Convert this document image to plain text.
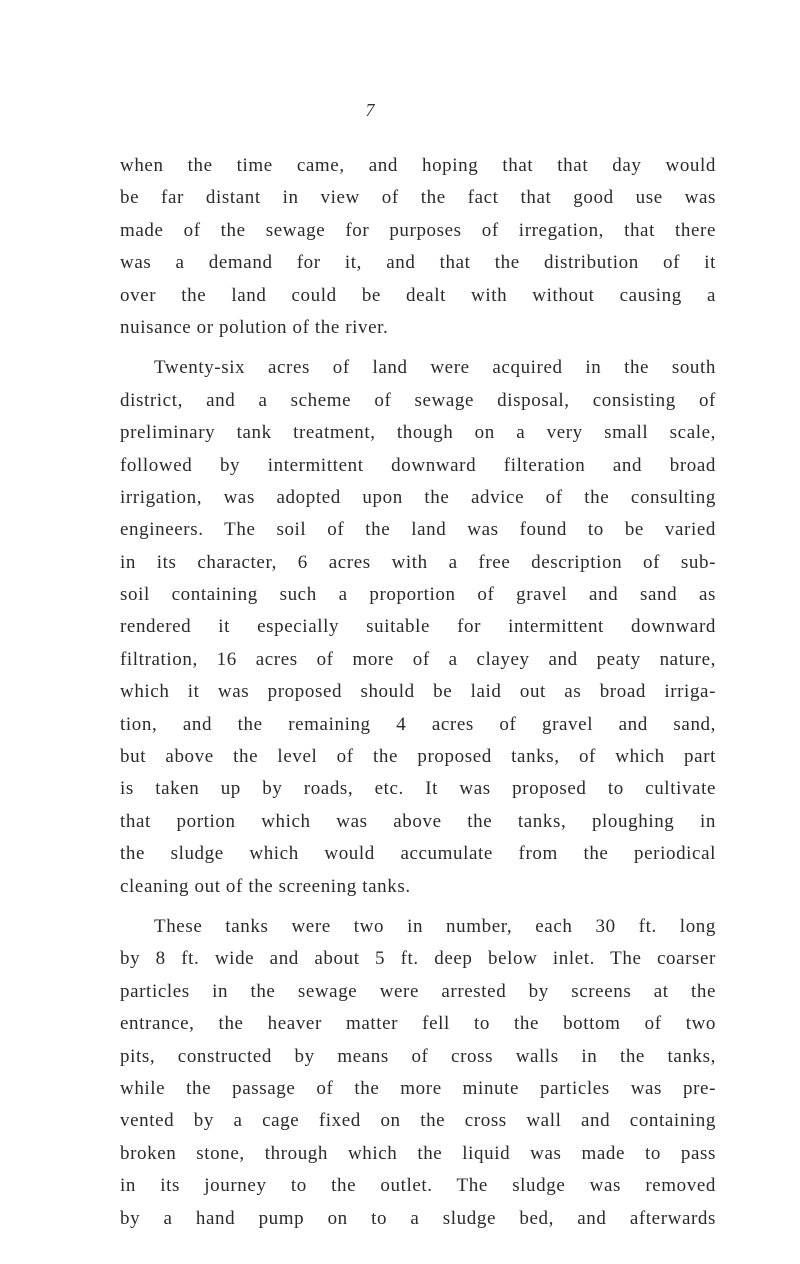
7
when the time came, and hoping that that day would
be far distant in view of the fact that good use was
made of the sewage for purposes of irregation, that there
was a demand for it, and that the distribution of it
over the land could be dealt with without causing a
nuisance or polution of the river.
Twenty-six acres of land were acquired in the south
district, and a scheme of sewage disposal, consisting of
preliminary tank treatment, though on a very small scale,
followed by intermittent downward filteration and broad
irrigation, was adopted upon the advice of the consulting
engineers. The soil of the land was found to be varied
in its character, 6 acres with a free description of sub-
soil containing such a proportion of gravel and sand as
rendered it especially suitable for intermittent downward
filtration, 16 acres of more of a clayey and peaty nature,
which it was proposed should be laid out as broad irriga-
tion, and the remaining 4 acres of gravel and sand,
but above the level of the proposed tanks, of which part
is taken up by roads, etc. It was proposed to cultivate
that portion which was above the tanks, ploughing in
the sludge which would accumulate from the periodical
cleaning out of the screening tanks.
These tanks were two in number, each 30 ft. long
by 8 ft. wide and about 5 ft. deep below inlet. The coarser
particles in the sewage were arrested by screens at the
entrance, the heaver matter fell to the bottom of two
pits, constructed by means of cross walls in the tanks,
while the passage of the more minute particles was pre-
vented by a cage fixed on the cross wall and containing
broken stone, through which the liquid was made to pass
in its journey to the outlet. The sludge was removed
by a hand pump on to a sludge bed, and afterwards
